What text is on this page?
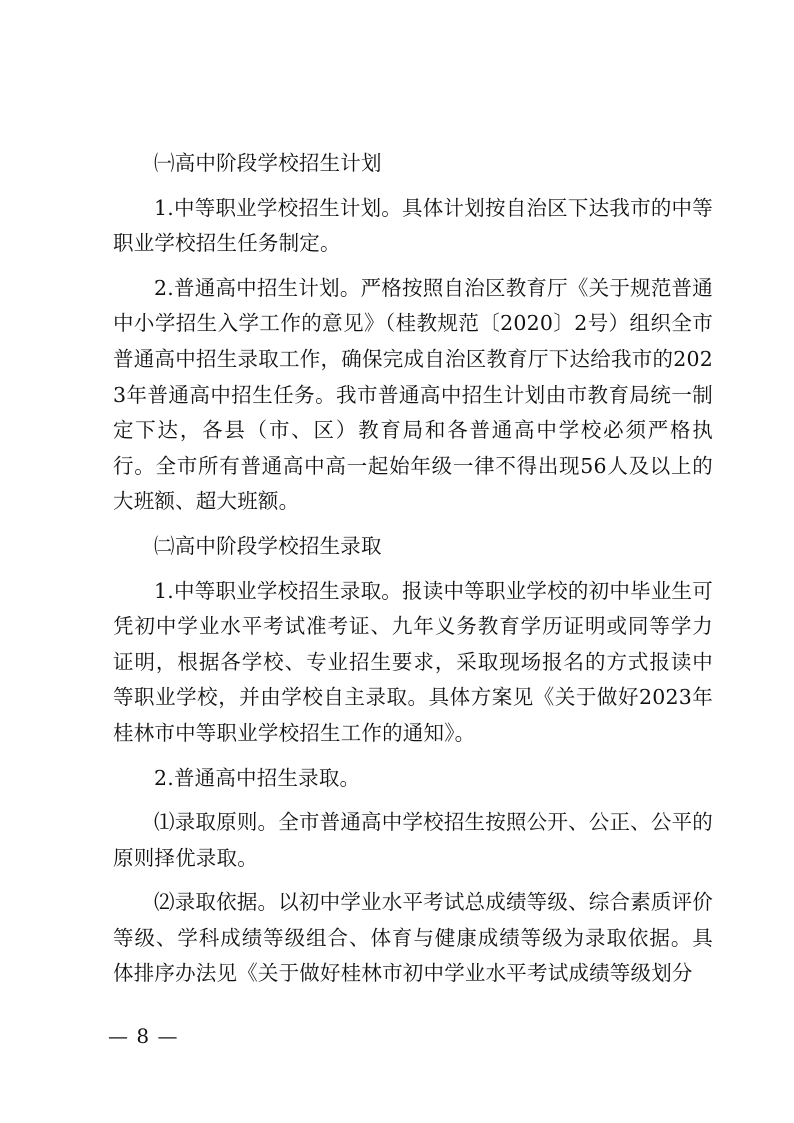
㈠高中阶段学校招生计划

1.中等职业学校招生计划。具体计划按自治区下达我市的中等职业学校招生任务制定。

2.普通高中招生计划。严格按照自治区教育厅《关于规范普通中小学招生入学工作的意见》（桂教规范〔2020〕2号）组织全市普通高中招生录取工作，确保完成自治区教育厅下达给我市的2023年普通高中招生任务。我市普通高中招生计划由市教育局统一制定下达，各县（市、区）教育局和各普通高中学校必须严格执行。全市所有普通高中高一起始年级一律不得出现56人及以上的大班额、超大班额。

㈡高中阶段学校招生录取

1.中等职业学校招生录取。报读中等职业学校的初中毕业生可凭初中学业水平考试准考证、九年义务教育学历证明或同等学力证明，根据各学校、专业招生要求，采取现场报名的方式报读中等职业学校，并由学校自主录取。具体方案见《关于做好2023年桂林市中等职业学校招生工作的通知》。

2.普通高中招生录取。

⑴录取原则。全市普通高中学校招生按照公开、公正、公平的原则择优录取。

⑵录取依据。以初中学业水平考试总成绩等级、综合素质评价等级、学科成绩等级组合、体育与健康成绩等级为录取依据。具体排序办法见《关于做好桂林市初中学业水平考试成绩等级划分

— 8 —
